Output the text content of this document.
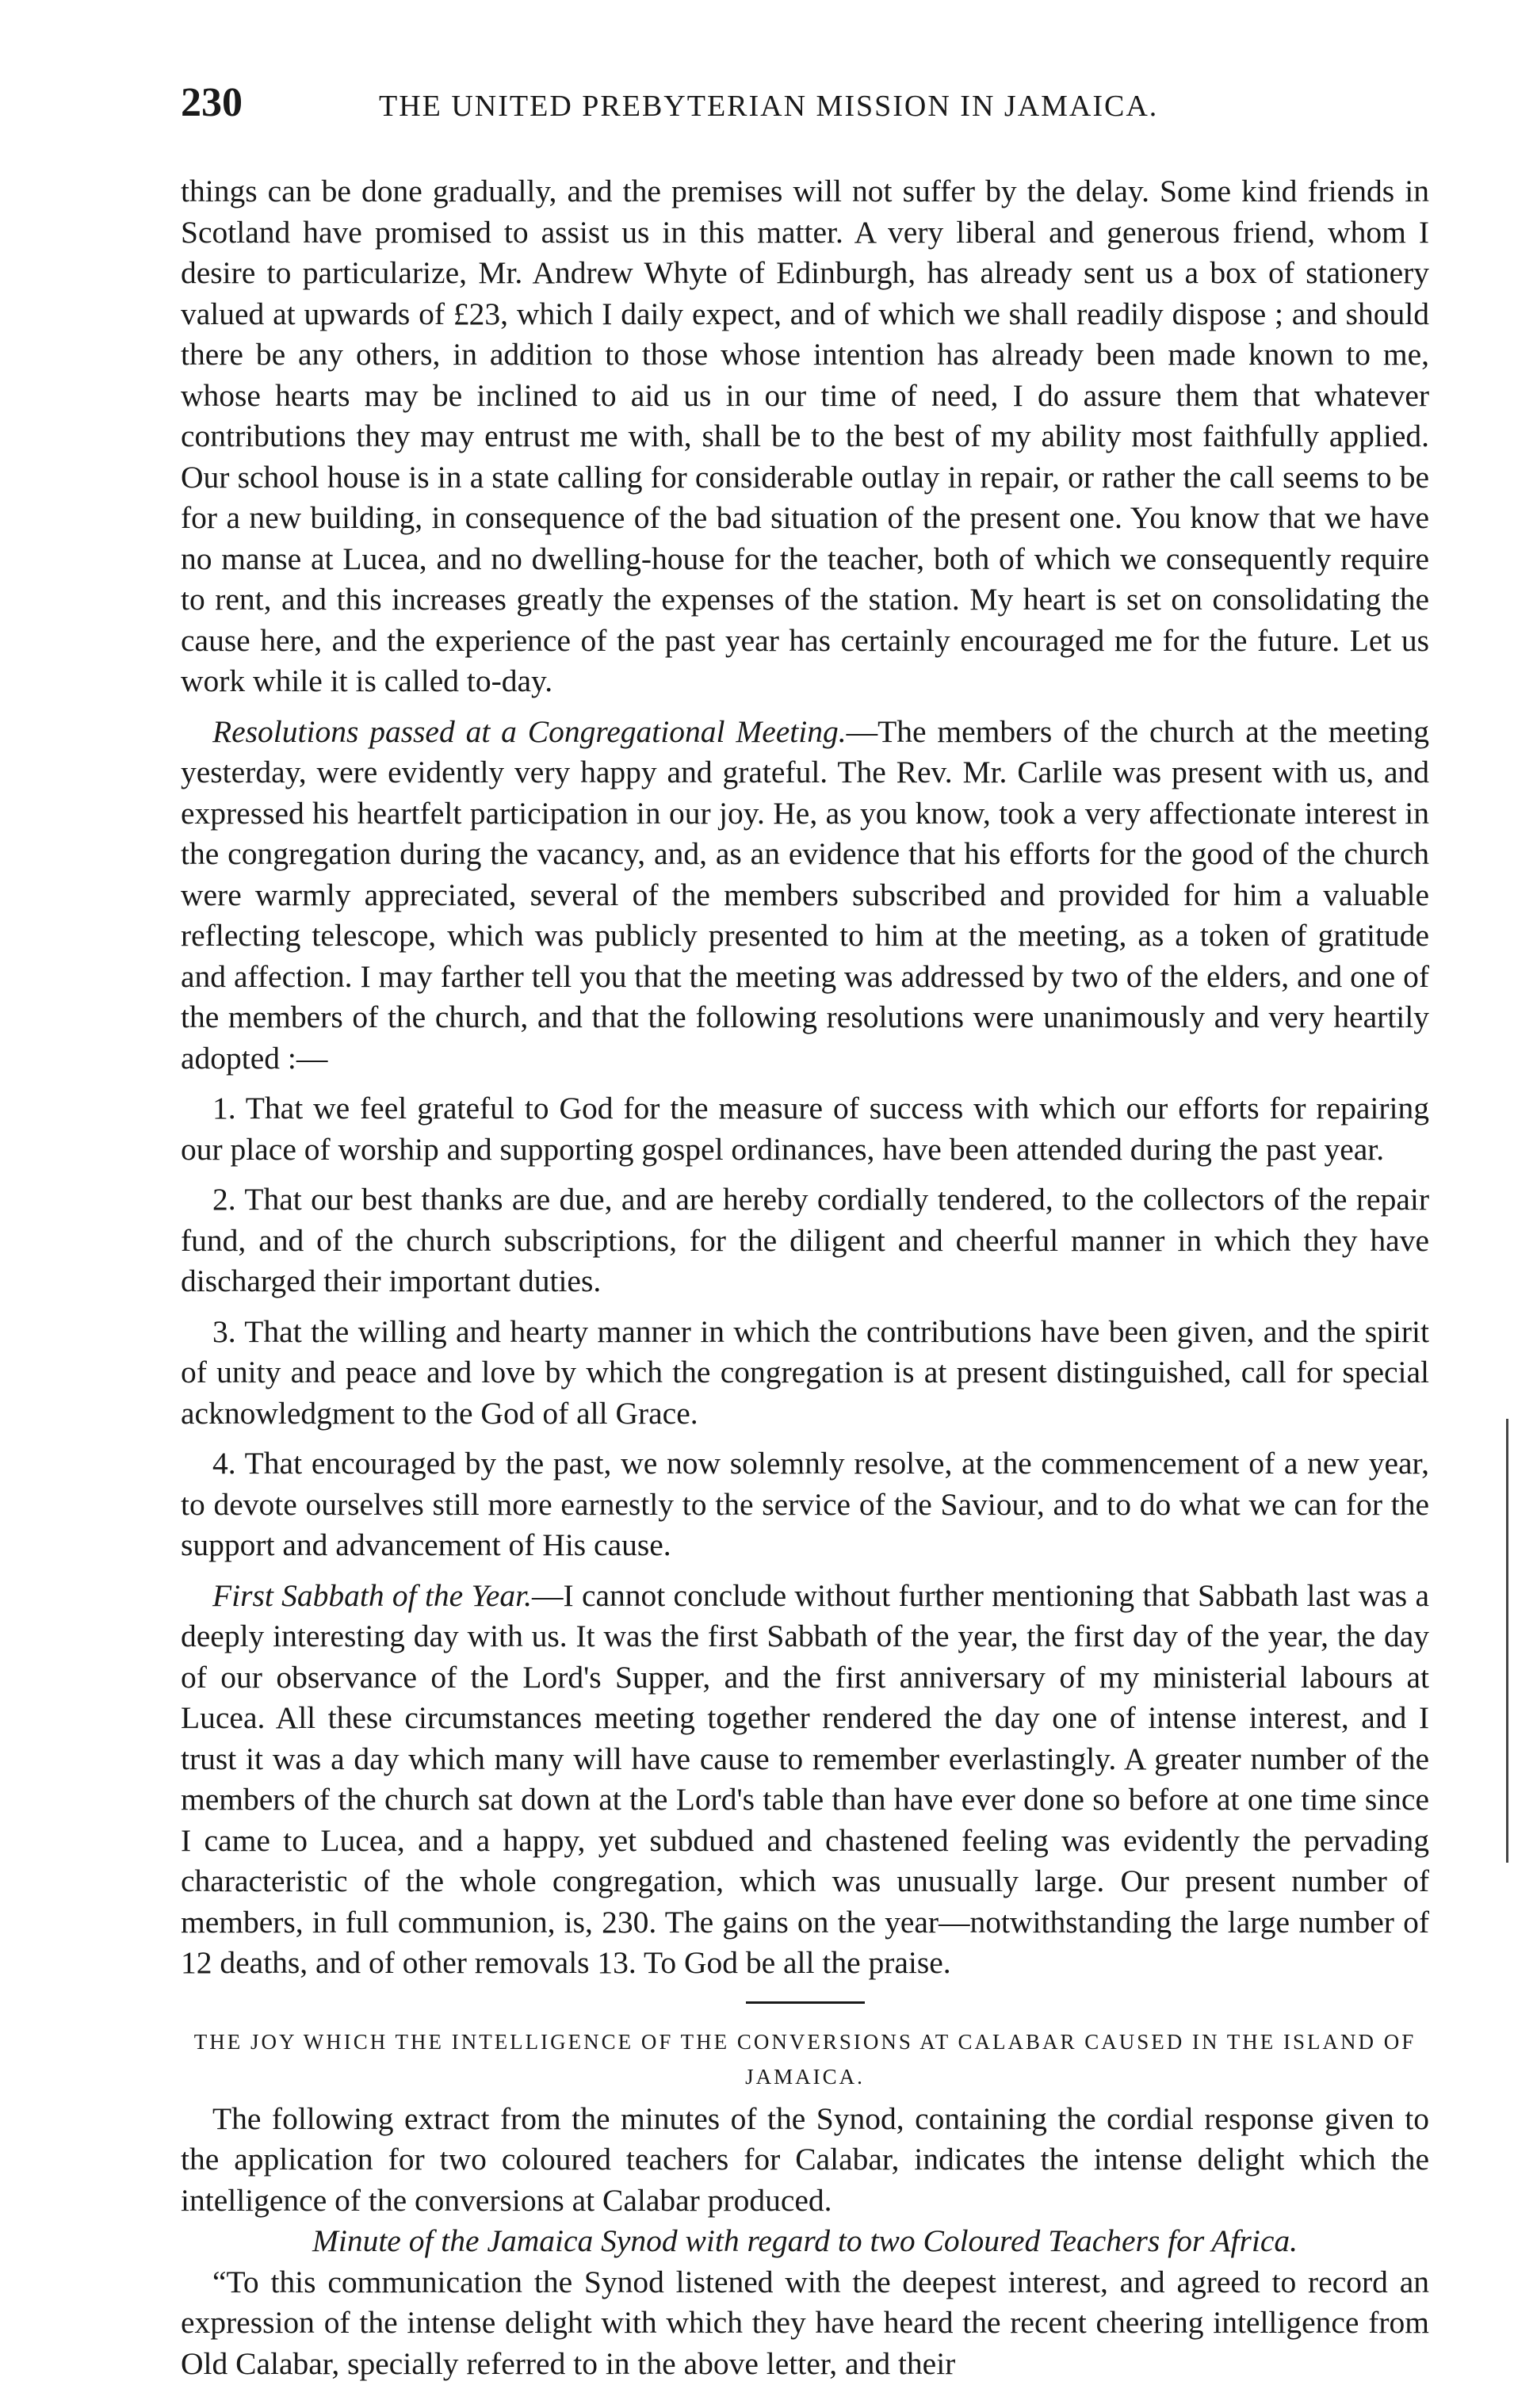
230	THE UNITED PREBYTERIAN MISSION IN JAMAICA.

things can be done gradually, and the premises will not suffer by the delay. Some kind friends in Scotland have promised to assist us in this matter. A very liberal and generous friend, whom I desire to particularize, Mr. Andrew Whyte of Edinburgh, has already sent us a box of stationery valued at upwards of £23, which I daily expect, and of which we shall readily dispose ; and should there be any others, in addition to those whose intention has already been made known to me, whose hearts may be inclined to aid us in our time of need, I do assure them that whatever contributions they may entrust me with, shall be to the best of my ability most faithfully applied. Our school house is in a state calling for considerable outlay in repair, or rather the call seems to be for a new building, in consequence of the bad situation of the present one. You know that we have no manse at Lucea, and no dwelling-house for the teacher, both of which we consequently require to rent, and this increases greatly the expenses of the station. My heart is set on consolidating the cause here, and the experience of the past year has certainly encouraged me for the future. Let us work while it is called to-day.

Resolutions passed at a Congregational Meeting.—The members of the church at the meeting yesterday, were evidently very happy and grateful. The Rev. Mr. Carlile was present with us, and expressed his heartfelt participation in our joy. He, as you know, took a very affectionate interest in the congregation during the vacancy, and, as an evidence that his efforts for the good of the church were warmly appreciated, several of the members subscribed and provided for him a valuable reflecting telescope, which was publicly presented to him at the meeting, as a token of gratitude and affection. I may farther tell you that the meeting was addressed by two of the elders, and one of the members of the church, and that the following resolutions were unanimously and very heartily adopted :—

1. That we feel grateful to God for the measure of success with which our efforts for repairing our place of worship and supporting gospel ordinances, have been attended during the past year.

2. That our best thanks are due, and are hereby cordially tendered, to the collectors of the repair fund, and of the church subscriptions, for the diligent and cheerful manner in which they have discharged their important duties.

3. That the willing and hearty manner in which the contributions have been given, and the spirit of unity and peace and love by which the congregation is at present distinguished, call for special acknowledgment to the God of all Grace.

4. That encouraged by the past, we now solemnly resolve, at the commencement of a new year, to devote ourselves still more earnestly to the service of the Saviour, and to do what we can for the support and advancement of His cause.

First Sabbath of the Year.—I cannot conclude without further mentioning that Sabbath last was a deeply interesting day with us. It was the first Sabbath of the year, the first day of the year, the day of our observance of the Lord's Supper, and the first anniversary of my ministerial labours at Lucea. All these circumstances meeting together rendered the day one of intense interest, and I trust it was a day which many will have cause to remember everlastingly. A greater number of the members of the church sat down at the Lord's table than have ever done so before at one time since I came to Lucea, and a happy, yet subdued and chastened feeling was evidently the pervading characteristic of the whole congregation, which was unusually large. Our present number of members, in full communion, is, 230. The gains on the year—notwithstanding the large number of 12 deaths, and of other removals 13. To God be all the praise.

THE JOY WHICH THE INTELLIGENCE OF THE CONVERSIONS AT CALABAR CAUSED IN THE ISLAND OF JAMAICA.

The following extract from the minutes of the Synod, containing the cordial response given to the application for two coloured teachers for Calabar, indicates the intense delight which the intelligence of the conversions at Calabar produced.

Minute of the Jamaica Synod with regard to two Coloured Teachers for Africa.

“To this communication the Synod listened with the deepest interest, and agreed to record an expression of the intense delight with which they have heard the recent cheering intelligence from Old Calabar, specially referred to in the above letter, and their
